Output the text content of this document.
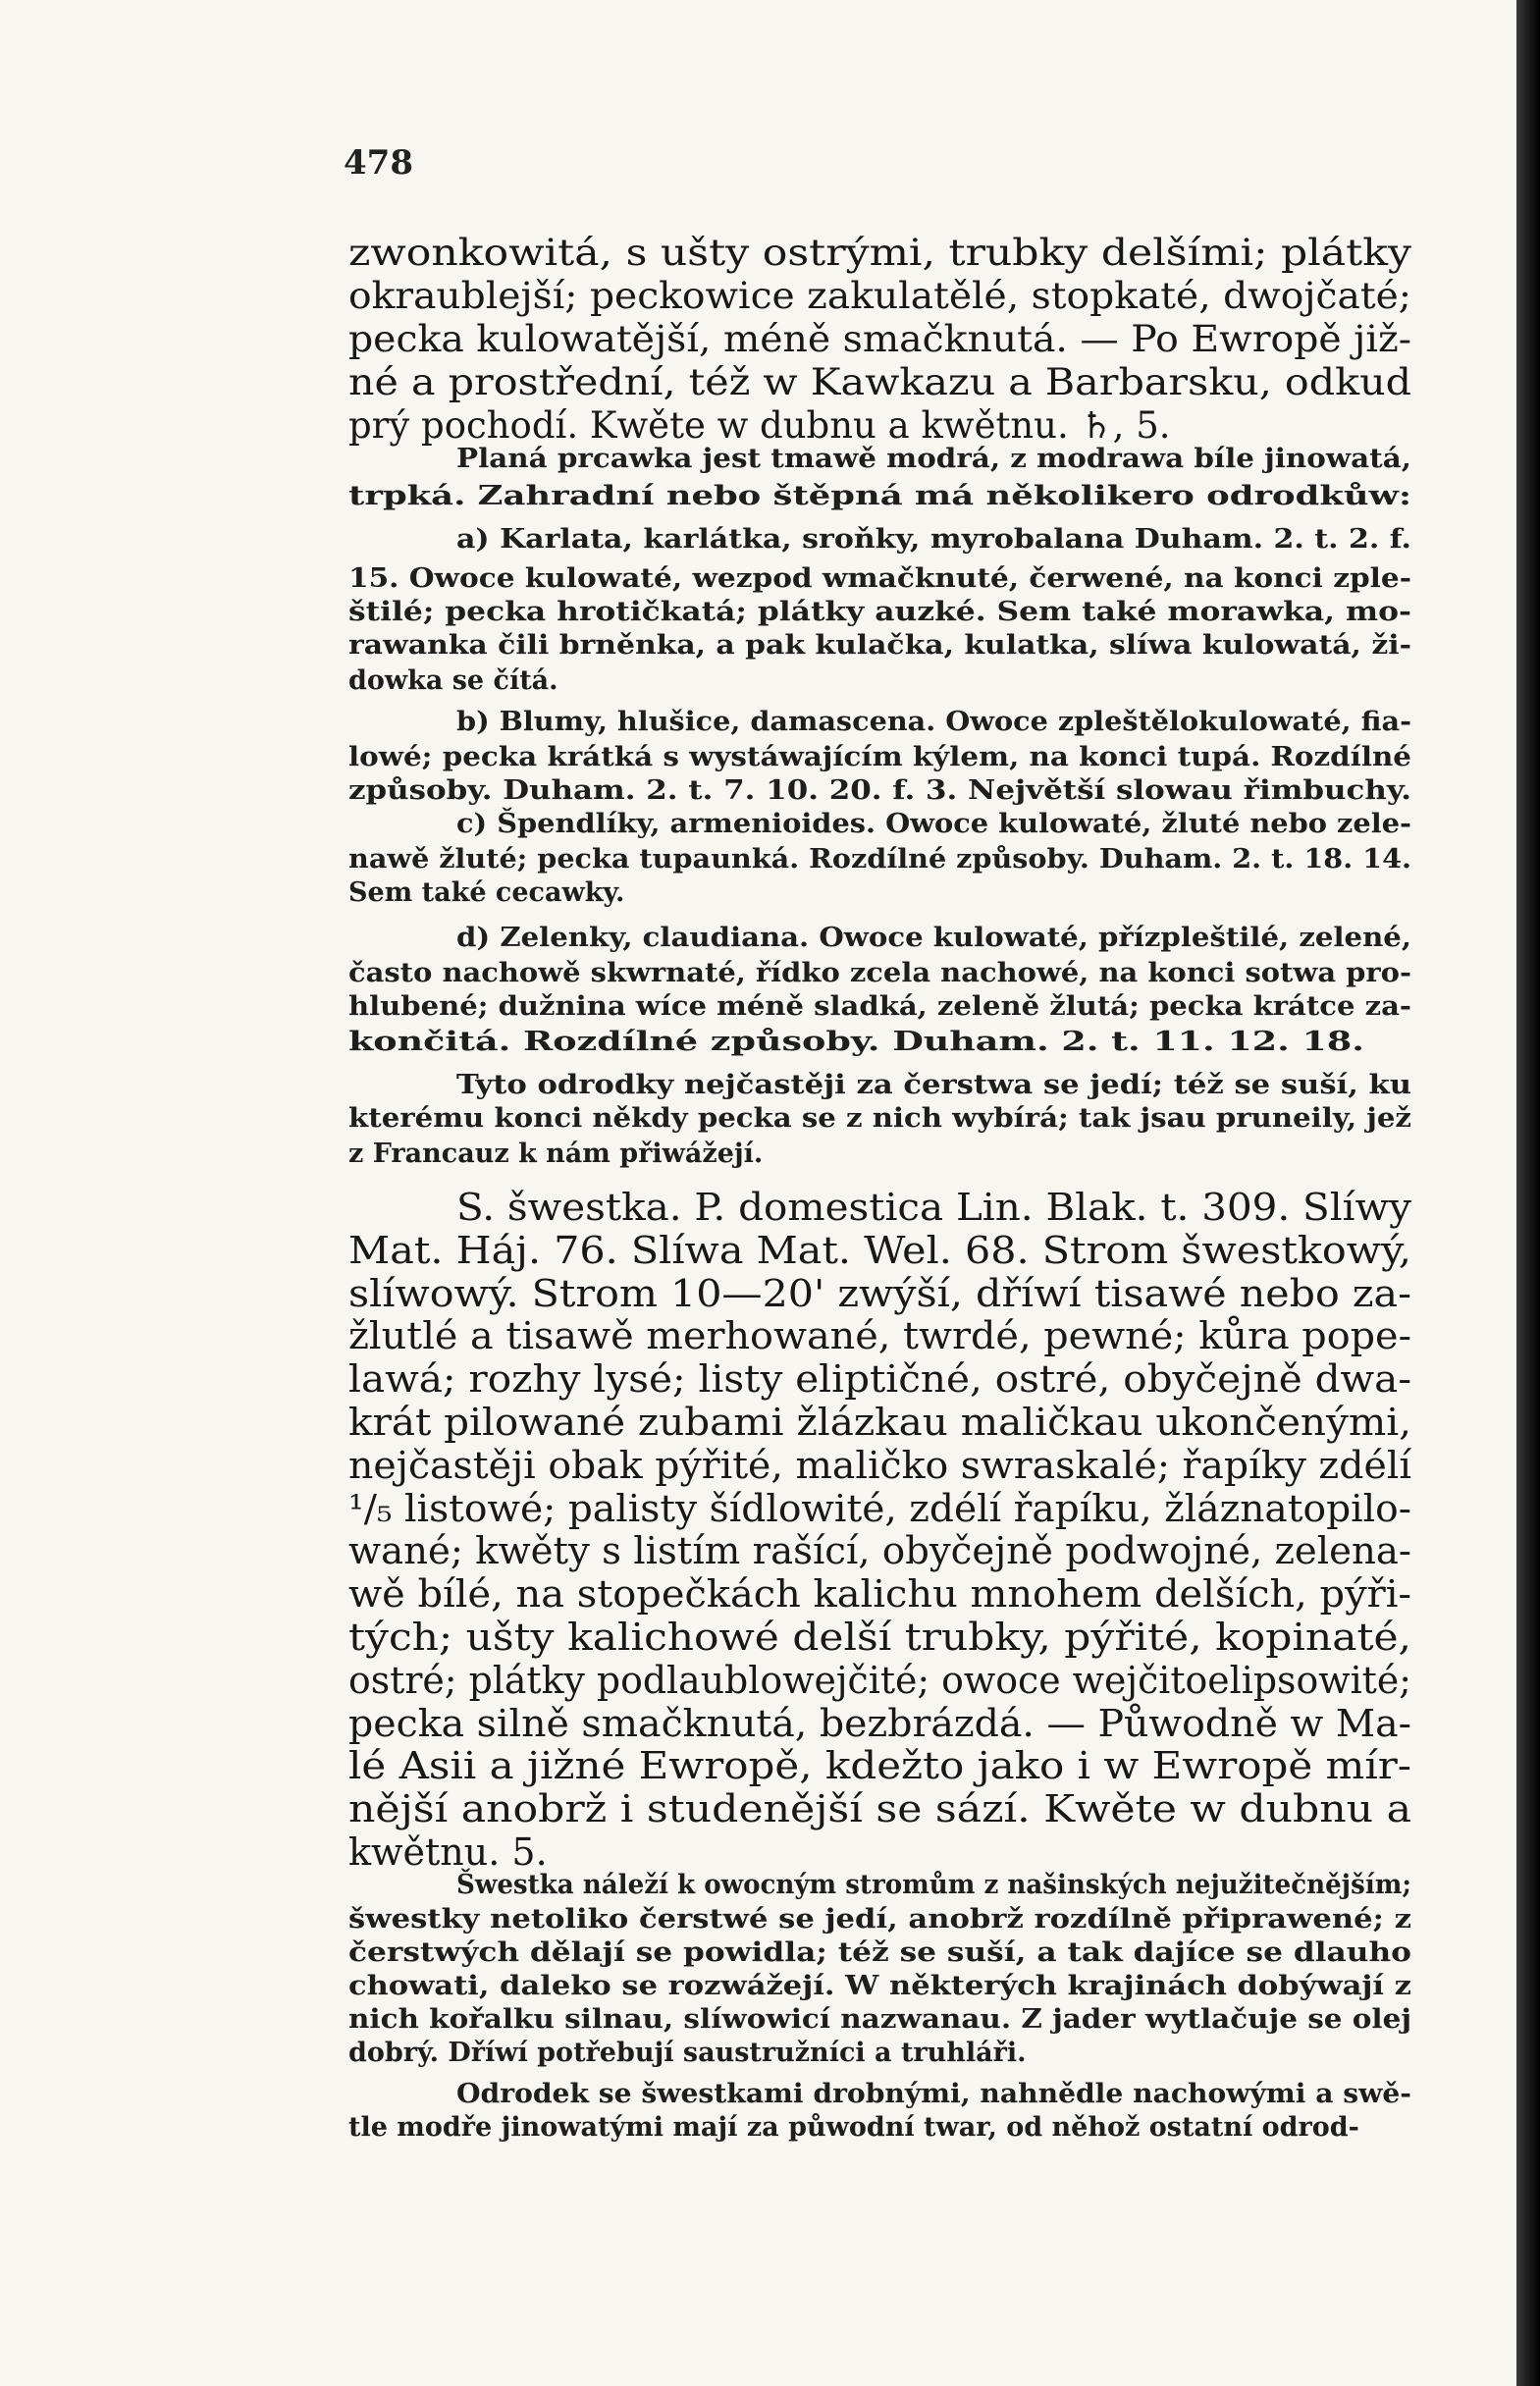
478
zwonkowitá, s ušty ostrými, trubky delšími; plátky
okraublejší; peckowice zakulatělé, stopkaté, dwojčaté;
pecka kulowatější, méně smačknutá. — Po Ewropě již-
né a prostřední, též w Kawkazu a Barbarsku, odkud
prý pochodí. Kwěte w dubnu a kwětnu. ♄, 5.
Planá prcawka jest tmawě modrá, z modrawa bíle jinowatá,
trpká. Zahradní nebo štěpná má několikero odrodkůw:
a) Karlata, karlátka, sroňky, myrobalana Duham. 2. t. 2. f.
15. Owoce kulowaté, wezpod wmačknuté, čerwené, na konci zple-
štilé; pecka hrotičkatá; plátky auzké. Sem také morawka, mo-
rawanka čili brněnka, a pak kulačka, kulatka, slíwa kulowatá, ži-
dowka se čítá.
b) Blumy, hlušice, damascena. Owoce zpleštělokulowaté, fia-
lowé; pecka krátká s wystáwajícím kýlem, na konci tupá. Rozdílné
způsoby. Duham. 2. t. 7. 10. 20. f. 3. Největší slowau řimbuchy.
c) Špendlíky, armenioides. Owoce kulowaté, žluté nebo zele-
nawě žluté; pecka tupaunká. Rozdílné způsoby. Duham. 2. t. 18. 14.
Sem také cecawky.
d) Zelenky, claudiana. Owoce kulowaté, přízpleštilé, zelené,
často nachowě skwrnaté, řídko zcela nachowé, na konci sotwa pro-
hlubené; dužnina wíce méně sladká, zeleně žlutá; pecka krátce za-
končitá. Rozdílné způsoby. Duham. 2. t. 11. 12. 18.
Tyto odrodky nejčastěji za čerstwa se jedí; též se suší, ku
kterému konci někdy pecka se z nich wybírá; tak jsau pruneily, jež
z Francauz k nám přiwážejí.
S. šwestka. P. domestica Lin. Blak. t. 309. Slíwy
Mat. Háj. 76. Slíwa Mat. Wel. 68. Strom šwestkowý,
slíwowý. Strom 10—20' zwýší, dříwí tisawé nebo za-
žlutlé a tisawě merhowané, twrdé, pewné; kůra pope-
lawá; rozhy lysé; listy eliptičné, ostré, obyčejně dwa-
krát pilowané zubami žlázkau maličkau ukončenými,
nejčastěji obak pýřité, maličko swraskalé; řapíky zdélí
¹/₅ listowé; palisty šídlowité, zdélí řapíku, žláznatopilo-
wané; kwěty s listím rašící, obyčejně podwojné, zelena-
wě bílé, na stopečkách kalichu mnohem delších, pýři-
tých; ušty kalichowé delší trubky, pýřité, kopinaté,
ostré; plátky podlaublowejčité; owoce wejčitoelipsowité;
pecka silně smačknutá, bezbrázdá. — Půwodně w Ma-
lé Asii a jižné Ewropě, kdežto jako i w Ewropě mír-
nější anobrž i studenější se sází. Kwěte w dubnu a
kwětnu. 5.
Šwestka náleží k owocným stromům z našinských nejužitečnějším;
šwestky netoliko čerstwé se jedí, anobrž rozdílně připrawené; z
čerstwých dělají se powidla; též se suší, a tak dajíce se dlauho
chowati, daleko se rozwážejí. W některých krajinách dobýwají z
nich kořalku silnau, slíwowicí nazwanau. Z jader wytlačuje se olej
dobrý. Dříwí potřebují saustružníci a truhláři.
Odrodek se šwestkami drobnými, nahnědle nachowými a swě-
tle modře jinowatými mají za půwodní twar, od něhož ostatní odrod-
